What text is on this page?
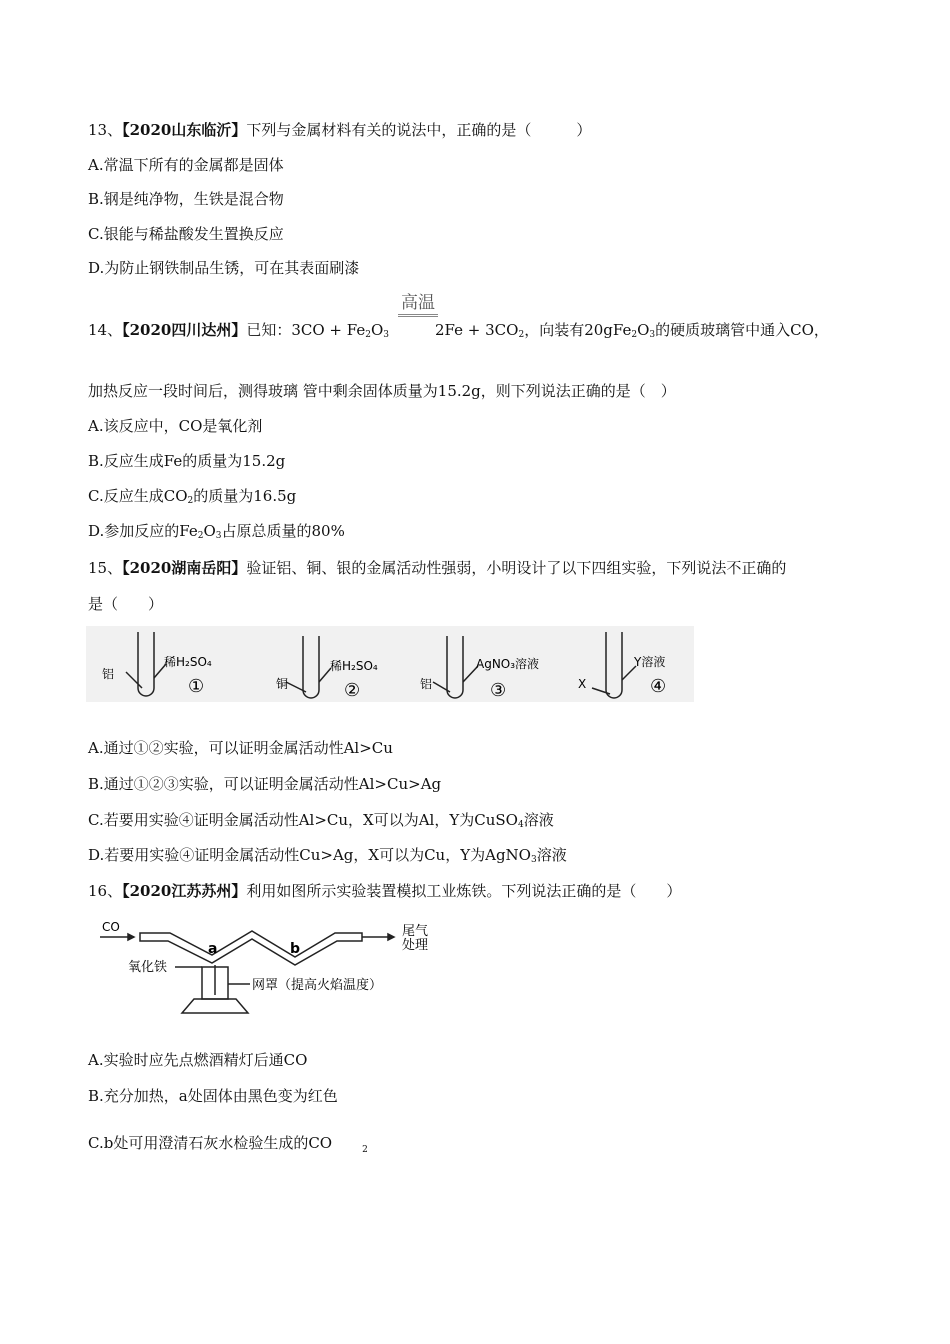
13、【2020山东临沂】下列与金属材料有关的说法中，正确的是（　　　）
A.常温下所有的金属都是固体
B.钢是纯净物，生铁是混合物
C.银能与稀盐酸发生置换反应
D.为防止钢铁制品生锈，可在其表面刷漆
14、【2020四川达州】已知：$3CO + Fe_2O_3$	$2Fe + 3CO_2$，向装有$20gFe_2O_3$的硬质玻璃管中通入CO，
高温
加热反应一段时间后，测得玻璃 管中剩余固体质量为15.2g，则下列说法正确的是（　）
A.该反应中，CO是氧化剂
B.反应生成Fe的质量为15.2g
C.反应生成$CO_2$的质量为16.5g
D.参加反应的$Fe_2O_3$占原总质量的80%
15、【2020湖南岳阳】验证铝、铜、银的金属活动性强弱，小明设计了以下四组实验，下列说法不正确的
是（　　）
铝
稀H₂SO₄
①	铜
稀H₂SO₄
②	铝
AgNO₃溶液
③	X
Y溶液
④
A.通过①②实验，可以证明金属活动性Al>Cu
B.通过①②③实验，可以证明金属活动性Al>Cu>Ag
C.若要用实验④证明金属活动性Al>Cu，X可以为Al，Y为CuSO$_4$溶液
D.若要用实验④证明金属活动性Cu>Ag，X可以为Cu，Y为AgNO$_3$溶液
16、【2020江苏苏州】利用如图所示实验装置模拟工业炼铁。下列说法正确的是（　　）
CO
a	b
尾气
处理
氧化铁
网罩（提高火焰温度）
A.实验时应先点燃酒精灯后通CO
B.充分加热，a处固体由黑色变为红色
C.b处可用澄清石灰水检验生成的CO	$_2$
